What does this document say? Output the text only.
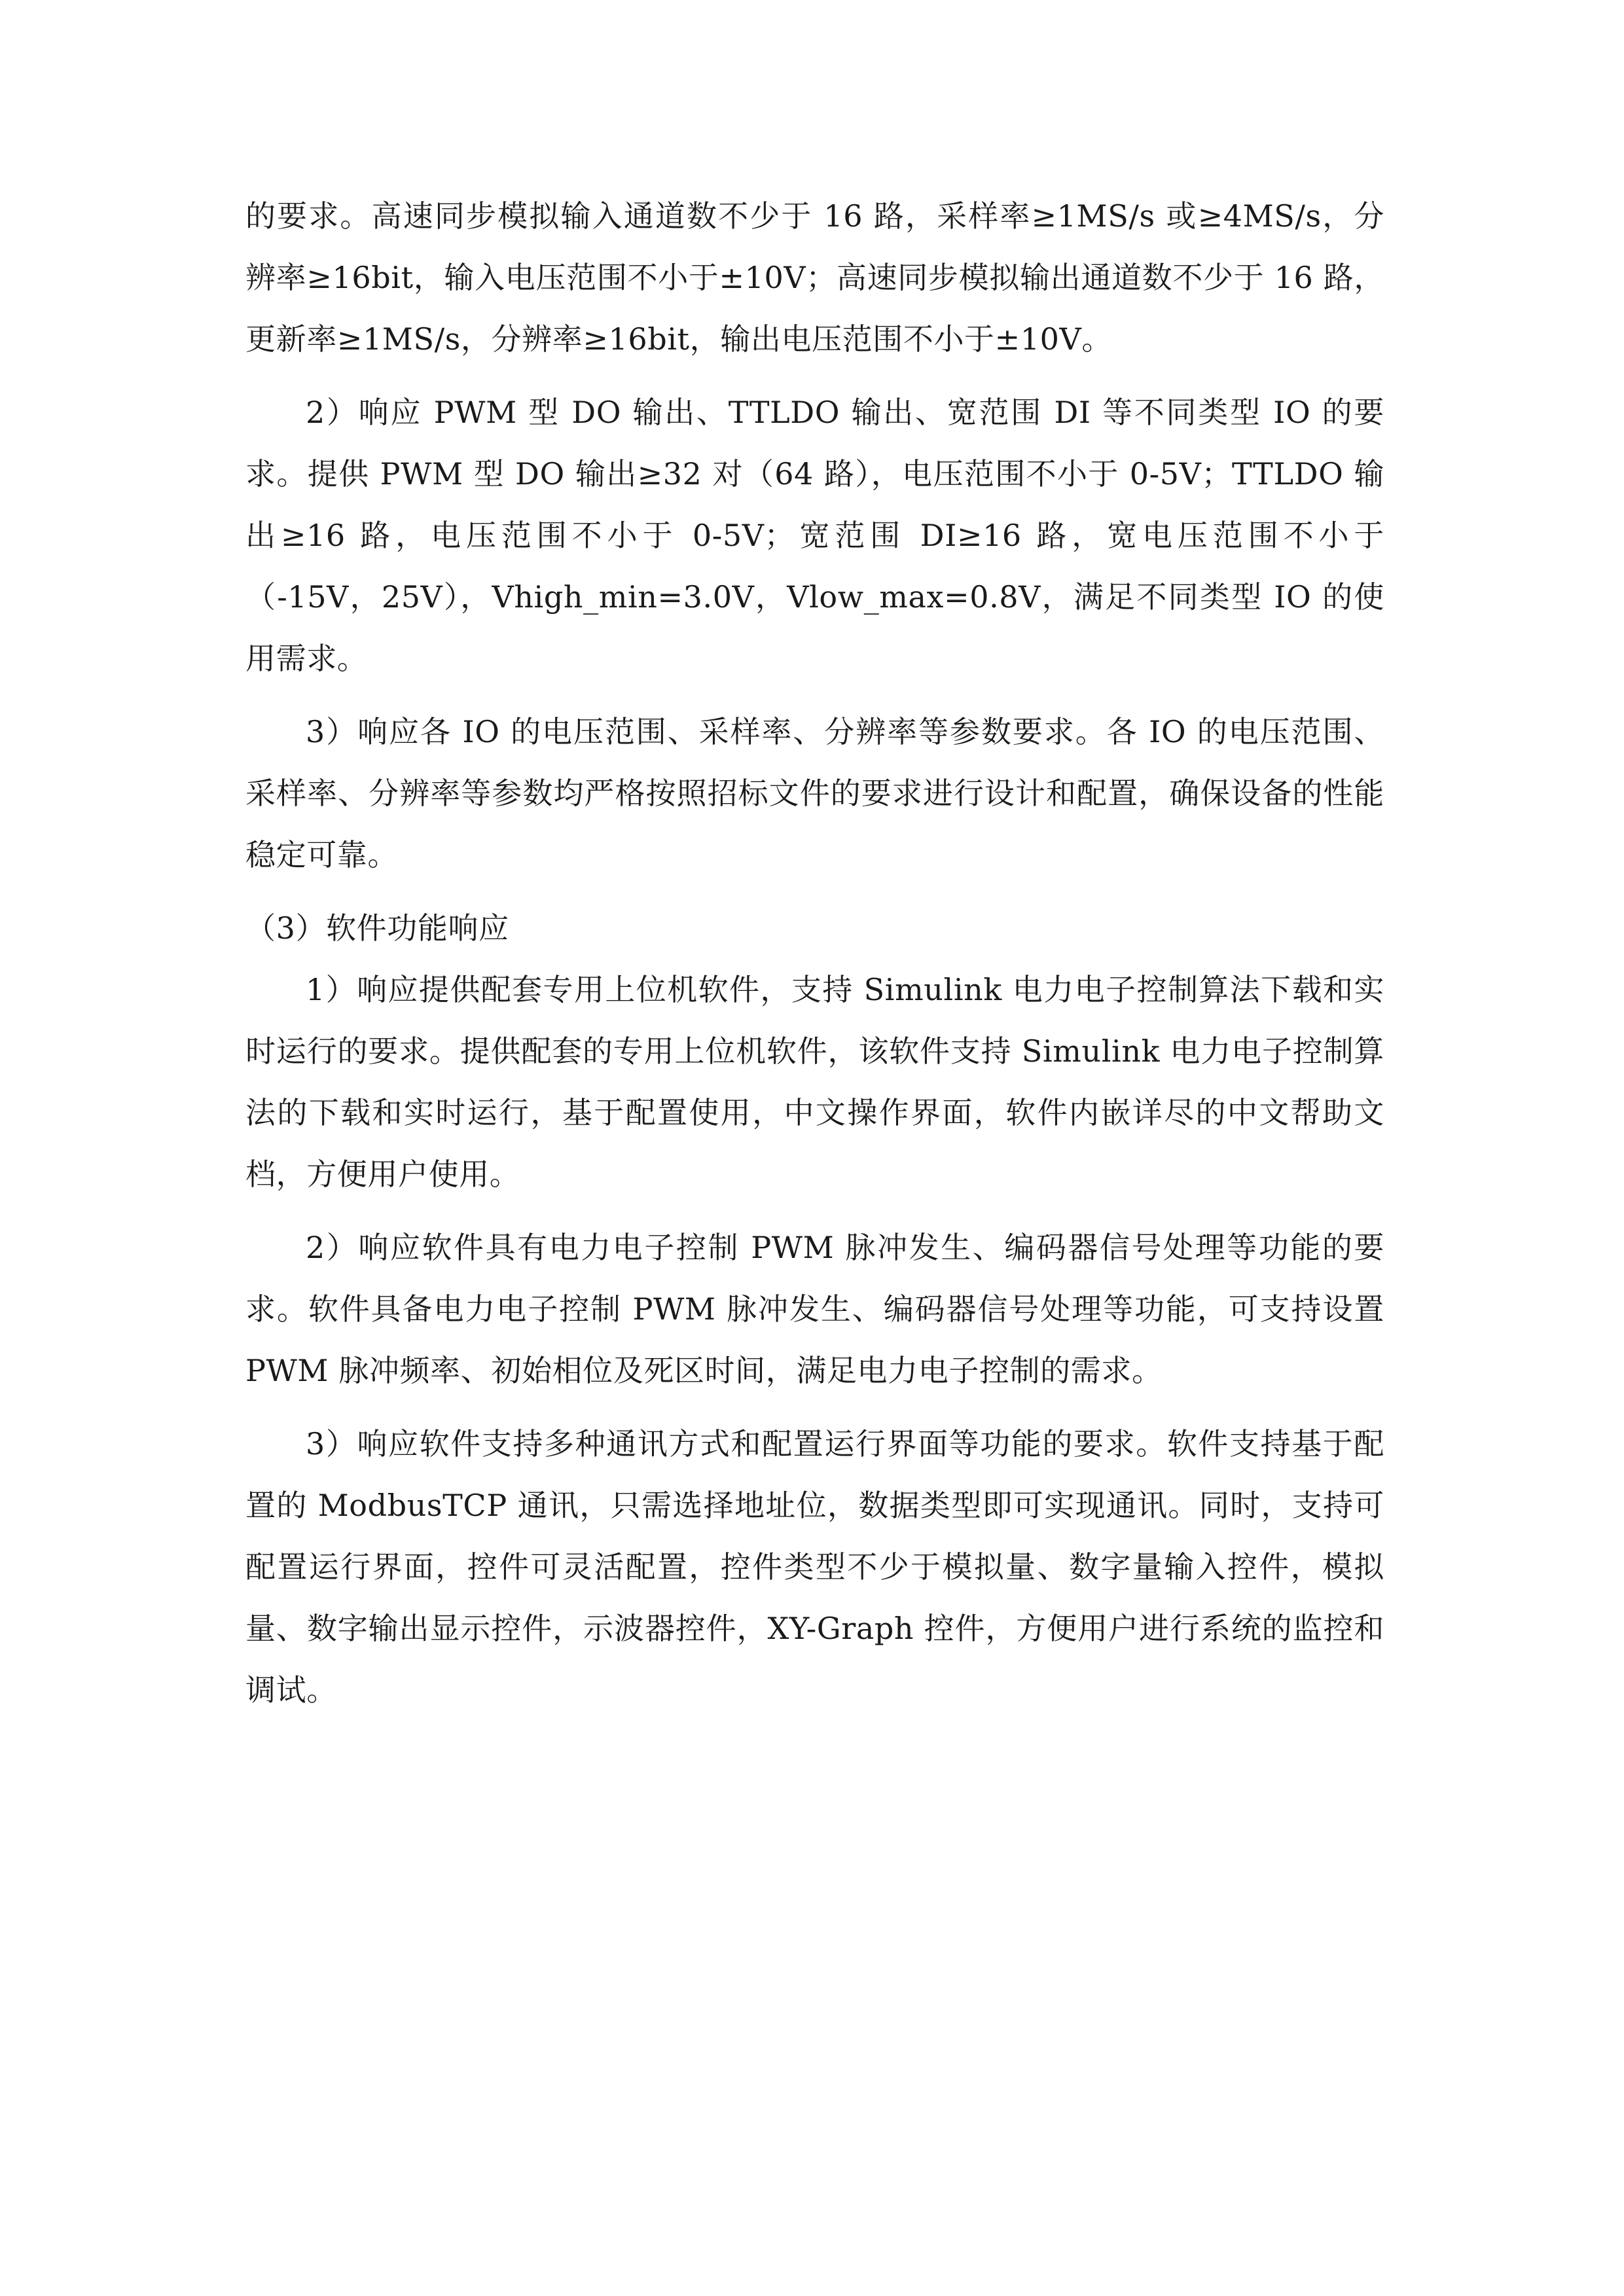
的要求。高速同步模拟输入通道数不少于 16 路，采样率≥1MS/s 或≥4MS/s，分辨率≥16bit，输入电压范围不小于±10V；高速同步模拟输出通道数不少于 16 路，更新率≥1MS/s，分辨率≥16bit，输出电压范围不小于±10V。

2）响应 PWM 型 DO 输出、TTLDO 输出、宽范围 DI 等不同类型 IO 的要求。提供 PWM 型 DO 输出≥32 对（64 路），电压范围不小于 0-5V；TTLDO 输出≥16 路，电压范围不小于 0-5V；宽范围 DI≥16 路，宽电压范围不小于（-15V，25V），Vhigh_min=3.0V，Vlow_max=0.8V，满足不同类型 IO 的使用需求。

3）响应各 IO 的电压范围、采样率、分辨率等参数要求。各 IO 的电压范围、采样率、分辨率等参数均严格按照招标文件的要求进行设计和配置，确保设备的性能稳定可靠。

（3）软件功能响应

1）响应提供配套专用上位机软件，支持 Simulink 电力电子控制算法下载和实时运行的要求。提供配套的专用上位机软件，该软件支持 Simulink 电力电子控制算法的下载和实时运行，基于配置使用，中文操作界面，软件内嵌详尽的中文帮助文档，方便用户使用。

2）响应软件具有电力电子控制 PWM 脉冲发生、编码器信号处理等功能的要求。软件具备电力电子控制 PWM 脉冲发生、编码器信号处理等功能，可支持设置 PWM 脉冲频率、初始相位及死区时间，满足电力电子控制的需求。

3）响应软件支持多种通讯方式和配置运行界面等功能的要求。软件支持基于配置的 ModbusTCP 通讯，只需选择地址位，数据类型即可实现通讯。同时，支持可配置运行界面，控件可灵活配置，控件类型不少于模拟量、数字量输入控件，模拟量、数字输出显示控件，示波器控件，XY-Graph 控件，方便用户进行系统的监控和调试。
